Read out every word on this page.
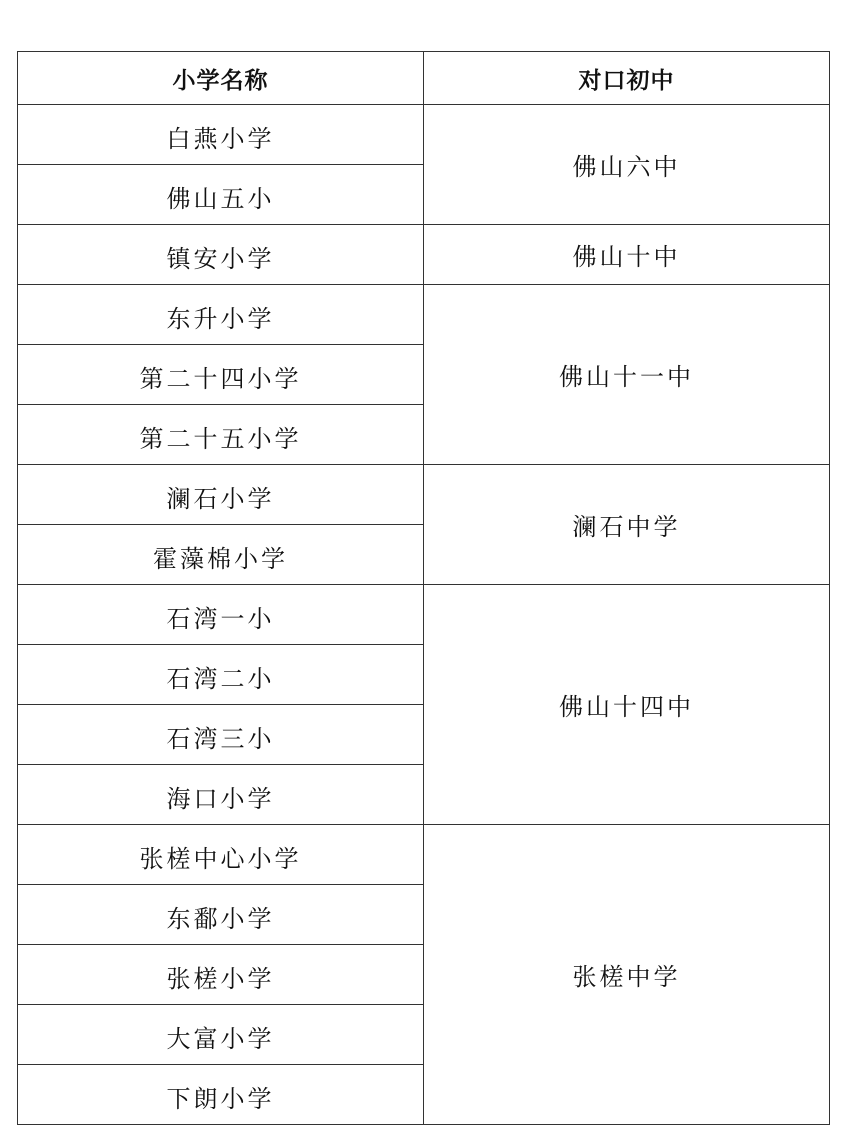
小学名称	对口初中
白燕小学	佛山六中
佛山五小	
镇安小学	佛山十中
东升小学	佛山十一中
第二十四小学	
第二十五小学	
澜石小学	澜石中学
霍藻棉小学	
石湾一小	佛山十四中
石湾二小	
石湾三小	
海口小学	
张槎中心小学	张槎中学
东鄱小学	
张槎小学	
大富小学	
下朗小学	
